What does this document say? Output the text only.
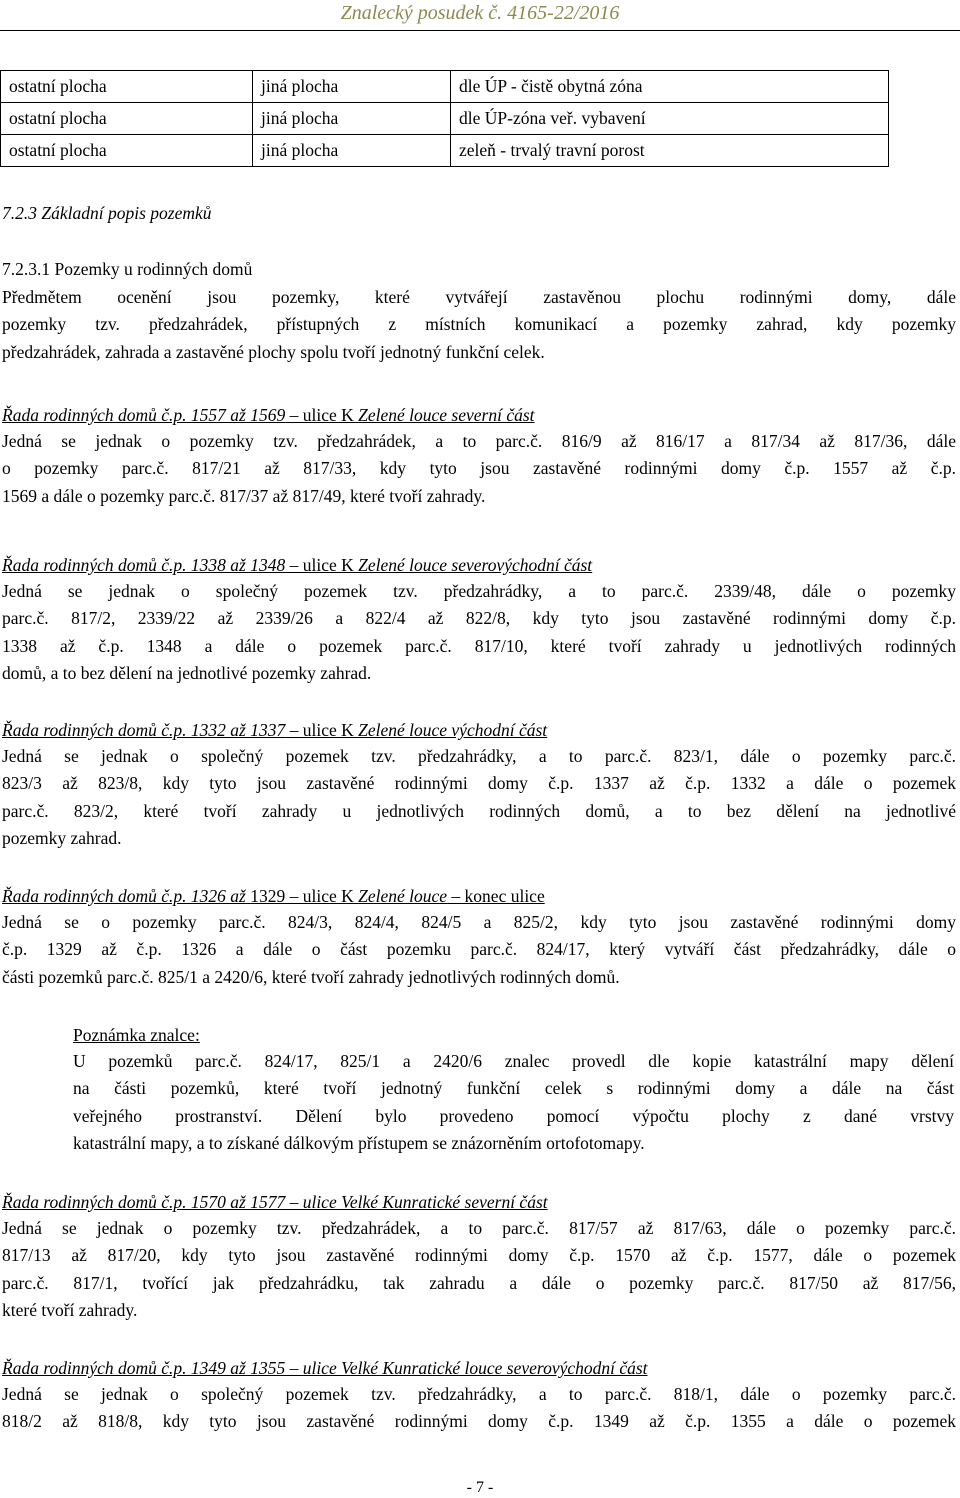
Znalecký posudek č. 4165-22/2016
ostatní plocha	jiná plocha	dle ÚP - čistě obytná zóna
ostatní plocha	jiná plocha	dle ÚP-zóna veř. vybavení
ostatní plocha	jiná plocha	zeleň - trvalý travní porost
7.2.3 Základní popis pozemků
7.2.3.1 Pozemky u rodinných domů

Předmětem ocenění jsou pozemky, které vytvářejí zastavěnou plochu rodinnými domy, dále

pozemky tzv. předzahrádek, přístupných z místních komunikací a pozemky zahrad, kdy pozemky

předzahrádek, zahrada a zastavěné plochy spolu tvoří jednotný funkční celek.

Řada rodinných domů č.p. 1557 až 1569 – ulice K Zelené louce severní část

Jedná se jednak o pozemky tzv. předzahrádek, a to parc.č. 816/9 až 816/17 a 817/34 až 817/36, dále

o pozemky parc.č. 817/21 až 817/33, kdy tyto jsou zastavěné rodinnými domy č.p. 1557 až č.p.

1569 a dále o pozemky parc.č. 817/37 až 817/49, které tvoří zahrady.

Řada rodinných domů č.p. 1338 až 1348 – ulice K Zelené louce severovýchodní část

Jedná se jednak o společný pozemek tzv. předzahrádky, a to parc.č. 2339/48, dále o pozemky

parc.č. 817/2, 2339/22 až 2339/26 a 822/4 až 822/8, kdy tyto jsou zastavěné rodinnými domy č.p.

1338 až č.p. 1348 a dále o pozemek parc.č. 817/10, které tvoří zahrady u jednotlivých rodinných

domů, a to bez dělení na jednotlivé pozemky zahrad.

Řada rodinných domů č.p. 1332 až 1337 – ulice K Zelené louce východní část

Jedná se jednak o společný pozemek tzv. předzahrádky, a to parc.č. 823/1, dále o pozemky parc.č.

823/3 až 823/8, kdy tyto jsou zastavěné rodinnými domy č.p. 1337 až č.p. 1332 a dále o pozemek

parc.č. 823/2, které tvoří zahrady u jednotlivých rodinných domů, a to bez dělení na jednotlivé

pozemky zahrad.

Řada rodinných domů č.p. 1326 až 1329 – ulice K Zelené louce – konec ulice

Jedná se o pozemky parc.č. 824/3, 824/4, 824/5 a 825/2, kdy tyto jsou zastavěné rodinnými domy

č.p. 1329 až č.p. 1326 a dále o část pozemku parc.č. 824/17, který vytváří část předzahrádky, dále o

části pozemků parc.č. 825/1 a 2420/6, které tvoří zahrady jednotlivých rodinných domů.

Poznámka znalce:

U pozemků parc.č. 824/17, 825/1 a 2420/6 znalec provedl dle kopie katastrální mapy dělení

na části pozemků, které tvoří jednotný funkční celek s rodinnými domy a dále na část

veřejného prostranství. Dělení bylo provedeno pomocí výpočtu plochy z dané vrstvy

katastrální mapy, a to získané dálkovým přístupem se znázorněním ortofotomapy.

Řada rodinných domů č.p. 1570 až 1577 – ulice Velké Kunratické severní část

Jedná se jednak o pozemky tzv. předzahrádek, a to parc.č. 817/57 až 817/63, dále o pozemky parc.č.

817/13 až 817/20, kdy tyto jsou zastavěné rodinnými domy č.p. 1570 až č.p. 1577, dále o pozemek

parc.č. 817/1, tvořící jak předzahrádku, tak zahradu a dále o pozemky parc.č. 817/50 až 817/56,

které tvoří zahrady.

Řada rodinných domů č.p. 1349 až 1355 – ulice Velké Kunratické louce severovýchodní část

Jedná se jednak o společný pozemek tzv. předzahrádky, a to parc.č. 818/1, dále o pozemky parc.č.

818/2 až 818/8, kdy tyto jsou zastavěné rodinnými domy č.p. 1349 až č.p. 1355 a dále o pozemek

- 7 -
